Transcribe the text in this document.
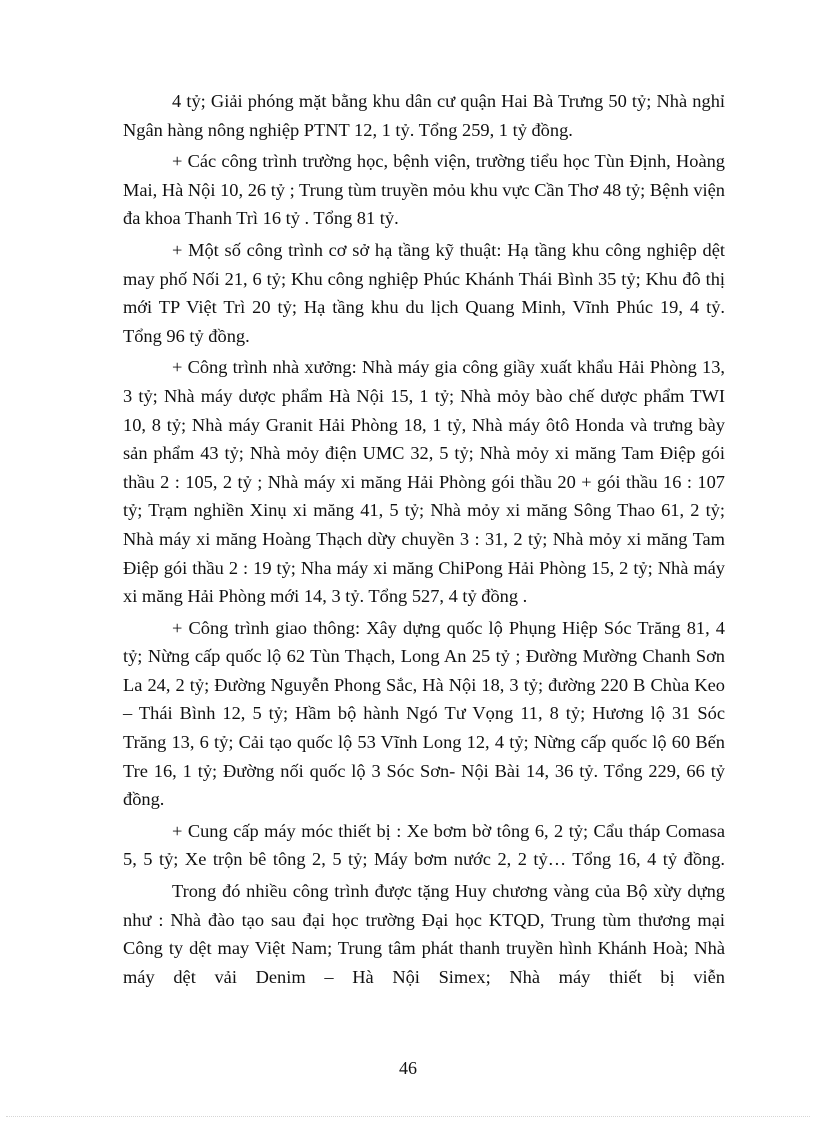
4 tỷ; Giải phóng mặt bằng khu dân cư quận Hai Bà Trưng 50 tỷ; Nhà nghỉ Ngân hàng nông nghiệp PTNT 12, 1 tỷ. Tổng 259, 1 tỷ đồng.

+ Các công trình trường học, bệnh viện, trường tiểu học Tùn Định, Hoàng Mai, Hà Nội 10, 26 tỷ ; Trung tùm truyền mỏu khu vực Cần Thơ 48 tỷ; Bệnh viện đa khoa Thanh Trì 16 tỷ . Tổng 81 tỷ.

+ Một số công trình cơ sở hạ tầng kỹ thuật: Hạ tầng khu công nghiệp dệt may phố Nối 21, 6 tỷ; Khu công nghiệp Phúc Khánh Thái Bình 35 tỷ; Khu đô thị mới TP Việt Trì 20 tỷ; Hạ tầng khu du lịch Quang Minh, Vĩnh Phúc 19, 4 tỷ. Tổng 96 tỷ đồng.

+ Công trình nhà xưởng: Nhà máy gia công giầy xuất khẩu Hải Phòng 13, 3 tỷ; Nhà máy dược phẩm Hà Nội 15, 1 tỷ; Nhà mỏy bào chế dược phẩm TWI 10, 8 tỷ; Nhà máy Granit Hải Phòng 18, 1 tỷ, Nhà máy ôtô Honda và trưng bày sản phẩm 43 tỷ; Nhà mỏy điện UMC 32, 5 tỷ; Nhà mỏy xi măng Tam Điệp gói thầu 2 : 105, 2 tỷ ; Nhà máy xi măng Hải Phòng gói thầu 20 + gói thầu 16 : 107 tỷ; Trạm nghiền Xinụ xi măng 41, 5 tỷ; Nhà mỏy xi măng Sông Thao 61, 2 tỷ; Nhà máy xi măng Hoàng Thạch dừy chuyền 3 : 31, 2 tỷ; Nhà mỏy xi măng Tam Điệp gói thầu 2 : 19 tỷ; Nha máy xi măng ChiPong Hải Phòng 15, 2 tỷ; Nhà máy xi măng Hải Phòng mới 14, 3 tỷ. Tổng 527, 4 tỷ đồng .

+ Công trình giao thông: Xây dựng quốc lộ Phụng Hiệp Sóc Trăng 81, 4 tỷ; Nừng cấp quốc lộ 62 Tùn Thạch, Long An 25 tỷ ; Đường Mường Chanh Sơn La 24, 2 tỷ; Đường Nguyễn Phong Sắc, Hà Nội 18, 3 tỷ; đường 220 B Chùa Keo – Thái Bình 12, 5 tỷ; Hầm bộ hành Ngó Tư Vọng 11, 8 tỷ; Hương lộ 31 Sóc Trăng 13, 6 tỷ; Cải tạo quốc lộ 53 Vĩnh Long 12, 4 tỷ; Nừng cấp quốc lộ 60 Bến Tre 16, 1 tỷ; Đường nối quốc lộ 3 Sóc Sơn- Nội Bài 14, 36 tỷ. Tổng 229, 66 tỷ đồng.

+ Cung cấp máy móc thiết bị : Xe bơm bờ tông 6, 2 tỷ; Cẩu tháp Comasa 5, 5 tỷ; Xe trộn bê tông 2, 5 tỷ; Máy bơm nước 2, 2 tỷ… Tổng 16, 4 tỷ đồng.

Trong đó nhiều công trình được tặng Huy chương vàng của Bộ xừy dựng như : Nhà đào tạo sau đại học trường Đại học KTQD, Trung tùm thương mại Công ty dệt may Việt Nam; Trung tâm phát thanh truyền hình Khánh Hoà; Nhà máy dệt vải Denim – Hà Nội Simex; Nhà máy thiết bị viễn

46
